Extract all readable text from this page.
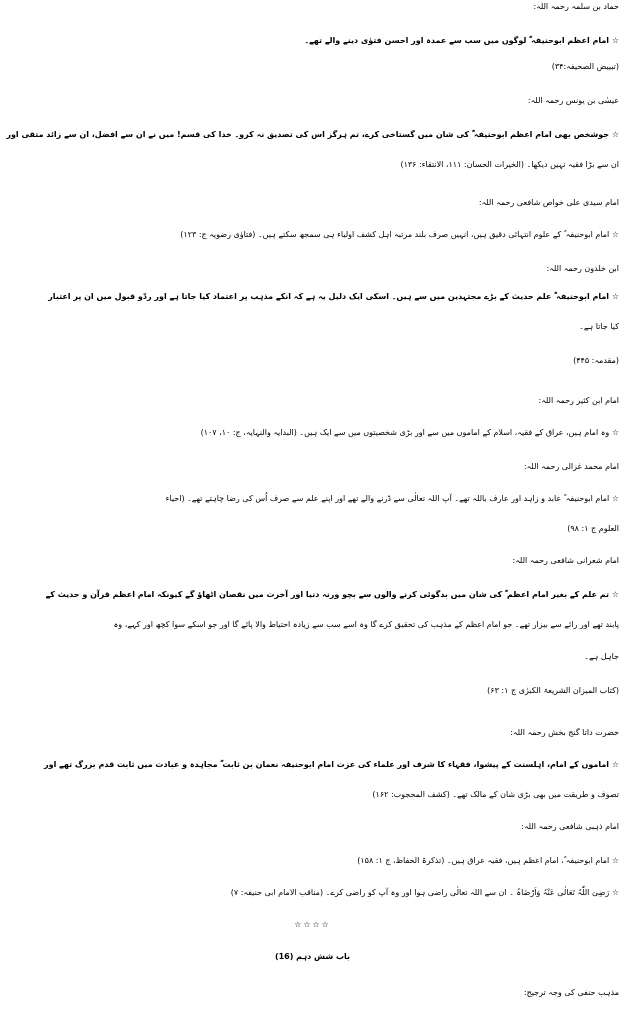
حماد بن سلمہ رحمہ اللہ:

☆ امام اعظم ابوحنیفہ ؓ لوگوں میں سب سے عمدہ اور احسن فتوٰی دینے والے تھے۔

(تبییض الصحیفہ:۳۴)

عیسٰی بن یونس رحمہ اللہ:

☆ جوشخص بھی امام اعظم ابوحنیفہ ؓ کی شان میں گستاخی کرے، تم ہرگز اس کی تصدیق نہ کرو۔ خدا کی قسم! میں نے ان سے افضل، ان سے زائد متقی اور

ان سے بڑا فقیہ نہیں دیکھا۔ (الخیرات الحسان: ۱۱۱، الانتقاء: ۱۳۶)

امام سیدی علی خواص شافعی رحمہ اللہ:

☆ امام ابوحنیفہ ؓ کے علوم انتہائی دقیق ہیں، انہیں صرف بلند مرتبہ اہل کشف اولیاء ہی سمجھ سکتے ہیں۔ (فتاوٰی رضویہ ج: ۱۲۳)

ابن خلدون رحمہ اللہ:

☆ امام ابوحنیفہ ؓ علم حدیث کے بڑے مجتہدین میں سے ہیں۔ اسکی ایک دلیل یہ ہے کہ انکے مذہب پر اعتماد کیا جاتا ہے اور ردّو قبول میں ان پر اعتبار

کیا جاتا ہے۔

(مقدمہ: ۴۴۵)

امام ابن کثیر رحمہ اللہ:

☆ وہ امام ہیں، عراق کے فقیہ، اسلام کے اماموں میں سے اور بڑی شخصیتوں میں سے ایک ہیں۔ (البدایہ والنہایہ، ج: ۱۰، ۱۰۷)

امام محمد غزالی رحمہ اللہ:

☆ امام ابوحنیفہ ؓ عابد و زاہد اور عارف باللہ تھے۔ آپ اللہ تعالٰی سے ڈرنے والے تھے اور اپنے علم سے صرف اُس کی رضا چاہتے تھے۔ (احیاء

العلوم ج ۱: ۹۸)

امام شعرانی شافعی رحمہ اللہ:

☆ تم علم کے بغیر امام اعظم ؓ کی شان میں بدگوئی کرنے والوں سے بچو ورنہ دنیا اور آخرت میں نقصان اٹھاؤ گے کیونکہ امام اعظم قرآن و حدیث کے

پابند تھے اور رائے سے بیزار تھے۔ جو امام اعظم کے مذہب کی تحقیق کرے گا وہ اسے سب سے زیادہ احتیاط والا پائے گا اور جو اسکے سوا کچھ اور کہے، وہ

جاہل ہے۔

(کتاب المیزان الشریعۃ الکبرٰی ج ۱: ۶۳)

حضرت داتا گنج بخش رحمہ اللہ:

☆ اماموں کے امام، اہلسنت کے پیشوا، فقہاء کا شرف اور علماء کی عزت امام ابوحنیفہ نعمان بن ثابت ؓ مجاہدہ و عبادت میں ثابت قدم بزرگ تھے اور

تصوف و طریقت میں بھی بڑی شان کے مالک تھے۔ (کشف المحجوب: ۱۶۲)

امام ذہبی شافعی رحمہ اللہ:

☆ امام ابوحنیفہ ؓ، امام اعظم ہیں، فقیہ عراق ہیں۔ (تذکرۃ الحفاظ، ج ۱: ۱۵۸)

☆ رَضِیَ اللّٰہُ تَعَالٰی عَنْہُ وَاَرْضَاہُ ۔ ان سے اللہ تعالٰی راضی ہوا اور وہ آپ کو راضی کرے۔ (مناقب الامام ابی حنیفہ: ۷)

☆☆☆☆

باب شش دہم (16)

مذہب حنفی کی وجہ ترجیح:
